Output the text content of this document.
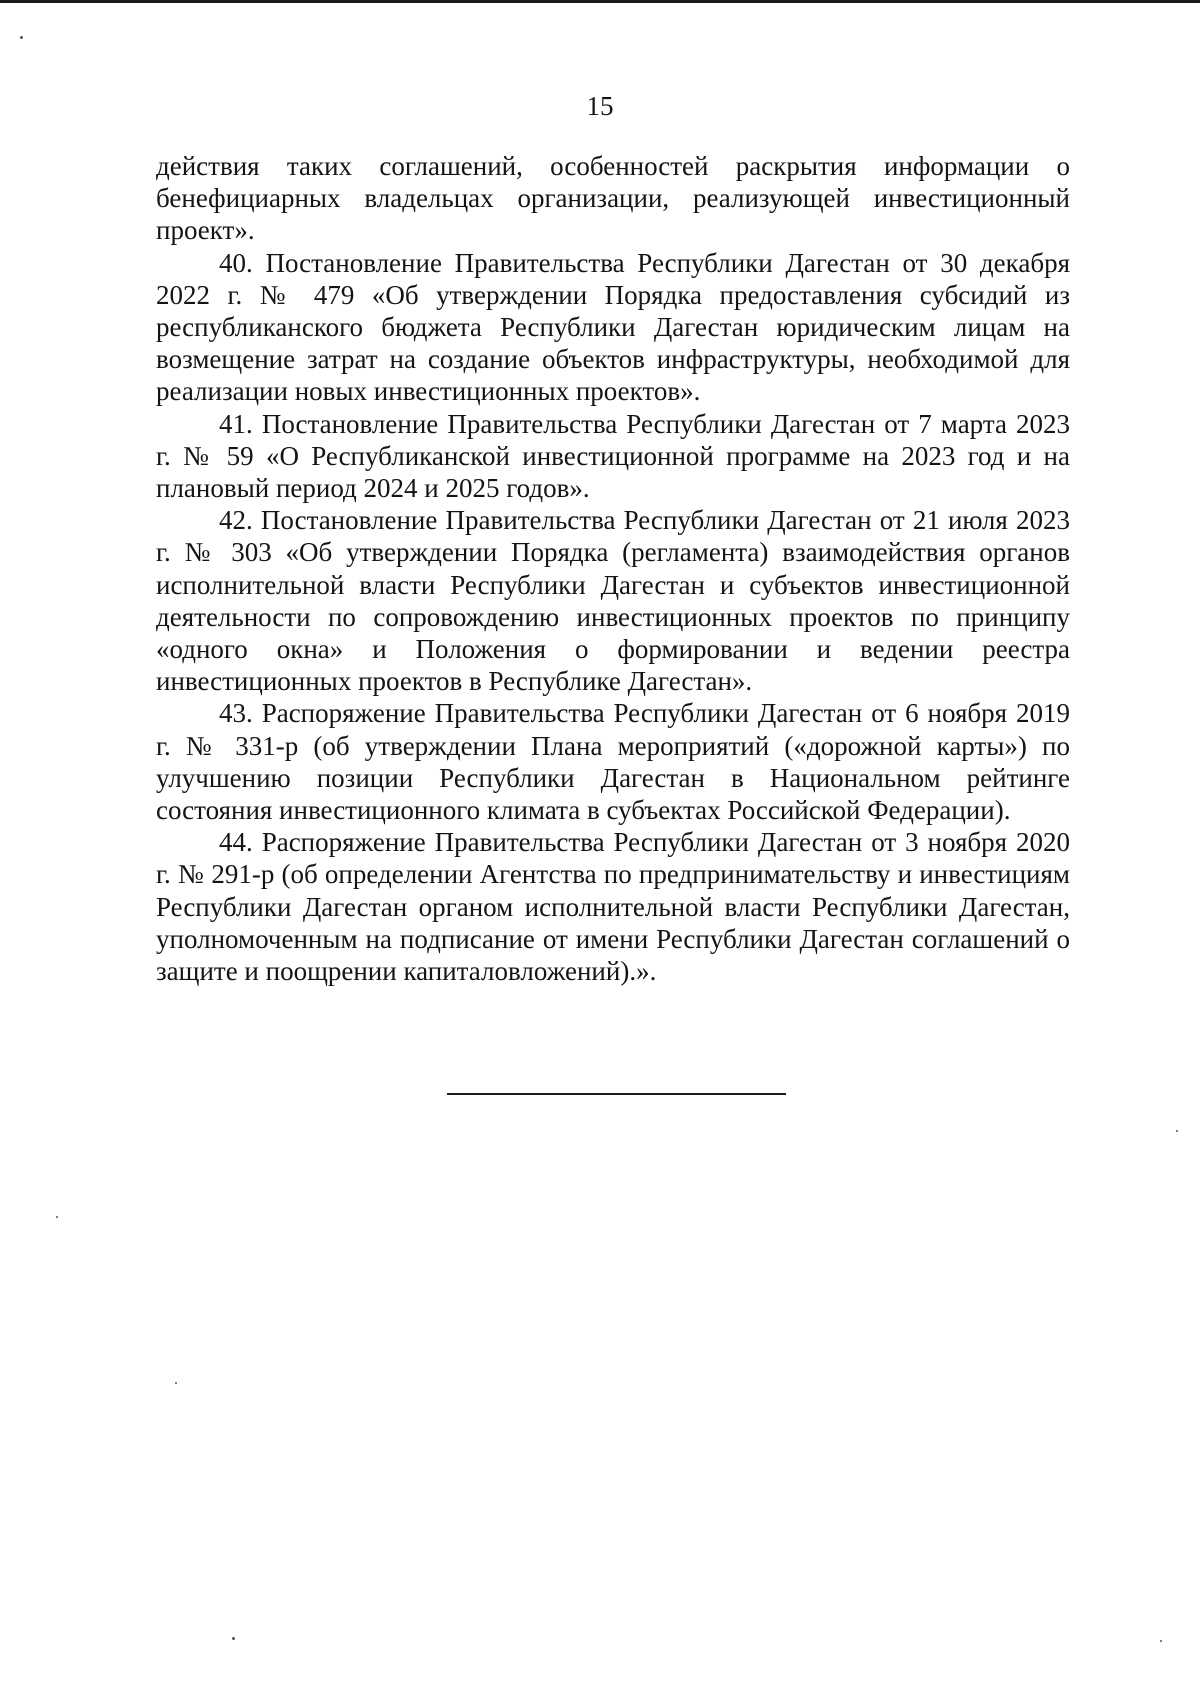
15

действия таких соглашений, особенностей раскрытия информации о бенефициарных владельцах организации, реализующей инвестиционный проект».

40. Постановление Правительства Республики Дагестан от 30 декабря 2022 г. № 479 «Об утверждении Порядка предоставления субсидий из республиканского бюджета Республики Дагестан юридическим лицам на возмещение затрат на создание объектов инфраструктуры, необходимой для реализации новых инвестиционных проектов».

41. Постановление Правительства Республики Дагестан от 7 марта 2023 г. № 59 «О Республиканской инвестиционной программе на 2023 год и на плановый период 2024 и 2025 годов».

42. Постановление Правительства Республики Дагестан от 21 июля 2023 г. № 303 «Об утверждении Порядка (регламента) взаимодействия органов исполнительной власти Республики Дагестан и субъектов инвестиционной деятельности по сопровождению инвестиционных проектов по принципу «одного окна» и Положения о формировании и ведении реестра инвестиционных проектов в Республике Дагестан».

43. Распоряжение Правительства Республики Дагестан от 6 ноября 2019 г. № 331-р (об утверждении Плана мероприятий («дорожной карты») по улучшению позиции Республики Дагестан в Национальном рейтинге состояния инвестиционного климата в субъектах Российской Федерации).

44. Распоряжение Правительства Республики Дагестан от 3 ноября 2020 г. № 291-р (об определении Агентства по предпринимательству и инвестициям Республики Дагестан органом исполнительной власти Республики Дагестан, уполномоченным на подписание от имени Республики Дагестан соглашений о защите и поощрении капиталовложений).».
